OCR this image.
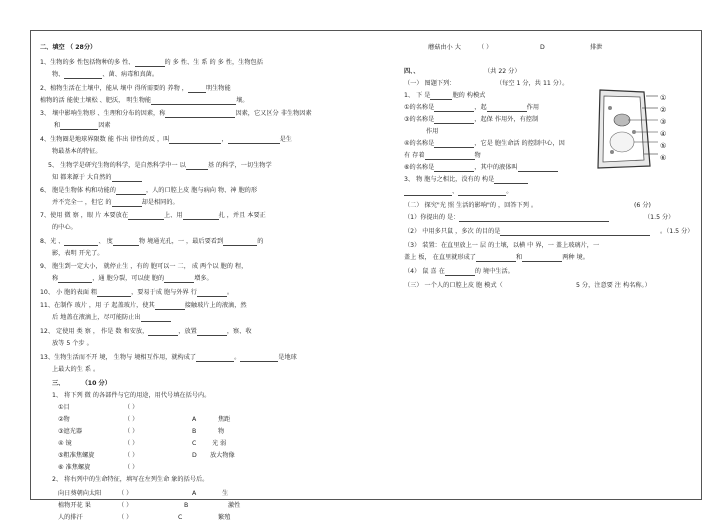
二、填空 （ 28分）
1、生物的多 性包括物种的多 性、	的 多 性、生 系 的 多 性，生物包括
物、	、菌、病毒和真菌。
2、植物生活在土壤中，能从 壤中 得所需要的 养物 ，	明生物能
植物的活 能使土壤松 、肥沃， 明生物能	壤。
3、 壤中影响生物形 、生理和分布的因素，称	因素，它又区分 非生物因素
和	因素
4、生物圈是地球界限数 能 作出 律性的反 ，叫	，	是生
物最基本的特征。
5、 生物学是研究生物的科学，是自然科学中一 以	基 的科学，一切生物学
知 都来源于 大自然的
6、 胞是生物体 构和功能的	，人的口腔上皮 胞与病向 物、神 胞的形
并不完全一 ，但它 的	却是相同的。
7、使用 微 察 ，眼 片 本要放在	上、用	扎 ，并且 本要正
的中心。
8、光 、	、 度	物 境通光孔，一 ，最后要看到	的
影，表明 开光了。
9、 胞生到一定大小， 就停止生 ，有的 胞可以一 二， 成 两个以 胞的 程，
称	，通 胞分裂，可以使 胞的	增多。
10、 小 胞的表面 粗	，要易于成 胞与外界 行	。
11、在制作 玻片 ，用 子 起盖玻片，使其	接触玻片上的液滴，然
后 地盖在液滴上，尽可能防止出
12、 定使用 类 察 ， 作是 数 和安放，	，放置	，察、收
放等 5 个步 。
13、生物生活而不开 境， 生物与 境相互作用，就构成了	。	是地球
上最大的生 系 。
三、	（10 分）
1、 将下列 微 的各部件与它的用途，用代号填在括号内。
①目	（ ）
②物	（ ）	A	焦距
③遮光器	（ ）	B	物
④ 镜	（ ）	C	光 弱
⑤粗准焦螺旋	（ ）	D 放大物像
⑥ 准焦螺旋	（ ）
2、 将右列中的生命特征，填写在左列生命 象的括号后。
向日葵朝向太阳	（ ）	A	生
植物开花 果	（ ）	B	激性
人的排汗	（ ）	C	繁殖
蘑菇由小 大	（ ）	D	排泄
四、、	（共 22 分）
（一） 图题下列：	（每空 1 分，共 11 分）。
1、 下 是	胞的 构模式
①的名称是	，起	作用
③的名称是	，起保 作用外，有控制
作用
④的名称是	，它是 胞生命活 的控制中心，因
有 存着	物
⑥的名称是	，其中的液体叫
3、 物 胞与之相比，没有的 构是
、	。
（二） 探究"光 照 生活的影响"的 ，回答下列 。	(6 分)
（1）你提出的 是：	（1.5 分）
（2） 中用多只鼠 ，多次 的目的是	。（1.5 分）
（3） 装置：在直里放上一 层 的土壤，以横 中 界，一 盖上玻璃片，一
盖上 板， 在直里就形成了	和	两种 境。
（4） 鼠 喜 在	的 境中生活。
（三） 一个人的口腔上皮 胞 模式（	5 分，注意要 注 构名称。）
①
②
③
④
⑤
⑥
